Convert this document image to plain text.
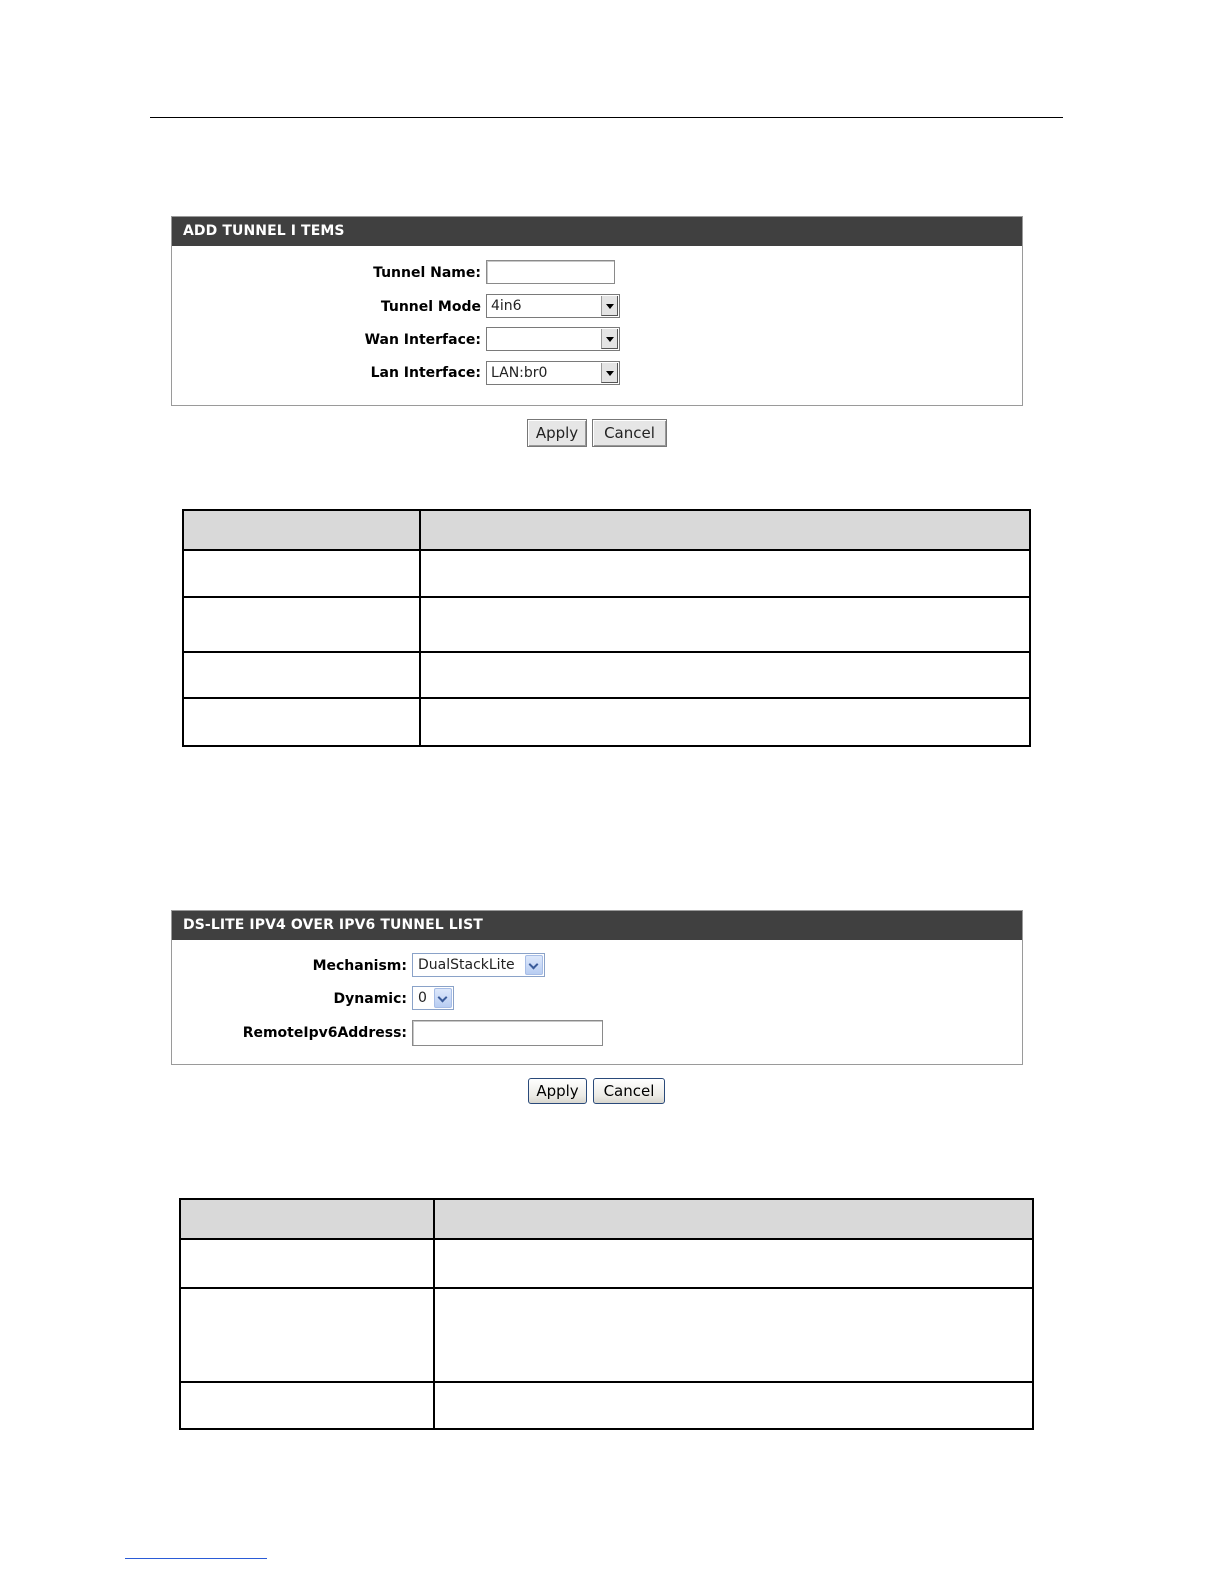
ADD TUNNEL I TEMS
Tunnel Name:
Tunnel Mode 4in6
Wan Interface:
Lan Interface: LAN:br0
Apply	Cancel

DS-LITE IPV4 OVER IPV6 TUNNEL LIST
Mechanism: DualStackLite
Dynamic: 0
RemoteIpv6Address:
Apply	Cancel
